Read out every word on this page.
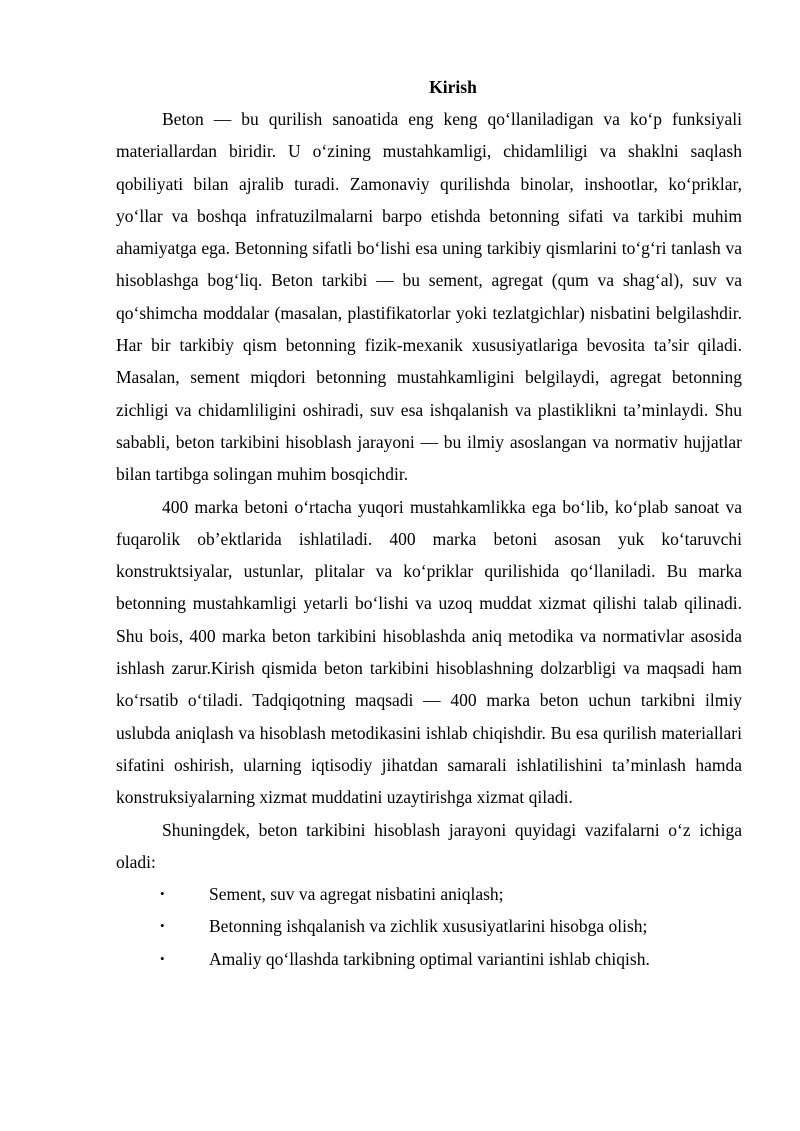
Kirish

Beton — bu qurilish sanoatida eng keng qo‘llaniladigan va ko‘p funksiyali materiallardan biridir. U o‘zining mustahkamligi, chidamliligi va shaklni saqlash qobiliyati bilan ajralib turadi. Zamonaviy qurilishda binolar, inshootlar, ko‘priklar, yo‘llar va boshqa infratuzilmalarni barpo etishda betonning sifati va tarkibi muhim ahamiyatga ega. Betonning sifatli bo‘lishi esa uning tarkibiy qismlarini to‘g‘ri tanlash va hisoblashga bog‘liq. Beton tarkibi — bu sement, agregat (qum va shag‘al), suv va qo‘shimcha moddalar (masalan, plastifikatorlar yoki tezlatgichlar) nisbatini belgilashdir. Har bir tarkibiy qism betonning fizik-mexanik xususiyatlariga bevosita ta’sir qiladi. Masalan, sement miqdori betonning mustahkamligini belgilaydi, agregat betonning zichligi va chidamliligini oshiradi, suv esa ishqalanish va plastiklikni ta’minlaydi. Shu sababli, beton tarkibini hisoblash jarayoni — bu ilmiy asoslangan va normativ hujjatlar bilan tartibga solingan muhim bosqichdir.

400 marka betoni o‘rtacha yuqori mustahkamlikka ega bo‘lib, ko‘plab sanoat va fuqarolik ob’ektlarida ishlatiladi. 400 marka betoni asosan yuk ko‘taruvchi konstruktsiyalar, ustunlar, plitalar va ko‘priklar qurilishida qo‘llaniladi. Bu marka betonning mustahkamligi yetarli bo‘lishi va uzoq muddat xizmat qilishi talab qilinadi. Shu bois, 400 marka beton tarkibini hisoblashda aniq metodika va normativlar asosida ishlash zarur.Kirish qismida beton tarkibini hisoblashning dolzarbligi va maqsadi ham ko‘rsatib o‘tiladi. Tadqiqotning maqsadi — 400 marka beton uchun tarkibni ilmiy uslubda aniqlash va hisoblash metodikasini ishlab chiqishdir. Bu esa qurilish materiallari sifatini oshirish, ularning iqtisodiy jihatdan samarali ishlatilishini ta’minlash hamda konstruksiyalarning xizmat muddatini uzaytirishga xizmat qiladi.

Shuningdek, beton tarkibini hisoblash jarayoni quyidagi vazifalarni o‘z ichiga oladi:

•	Sement, suv va agregat nisbatini aniqlash;
•	Betonning ishqalanish va zichlik xususiyatlarini hisobga olish;
•	Amaliy qo‘llashda tarkibning optimal variantini ishlab chiqish.
